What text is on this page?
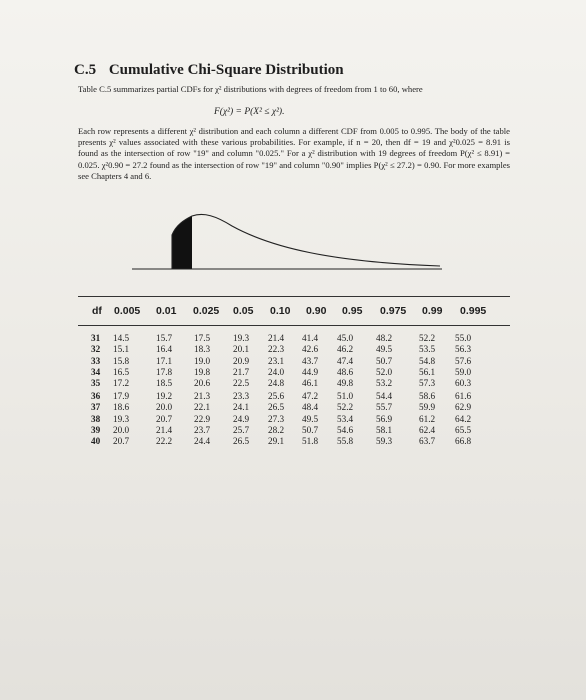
C.5 Cumulative Chi-Square Distribution
Table C.5 summarizes partial CDFs for χ² distributions with degrees of freedom from 1 to 60, where
F(χ²) = P(X² ≤ χ²).
Each row represents a different χ² distribution and each column a different CDF from 0.005 to 0.995. The body of the table presents χ² values associated with these various probabilities. For example, if n = 20, then df = 19 and χ²0.025 = 8.91 is found as the intersection of row "19" and column "0.025." For a χ² distribution with 19 degrees of freedom P(χ² ≤ 8.91) = 0.025. χ²0.90 = 27.2 found as the intersection of row "19" and column "0.90" implies P(χ² ≤ 27.2) = 0.90. For more examples see Chapters 4 and 6.
df 0.005 0.01 0.025 0.05 0.10 0.90 0.95 0.975 0.99 0.995
31 14.5	15.7 17.5 19.3 21.4 41.4 45.0 48.2	52.2 55.0
32 15.1	16.4 18.3 20.1 22.3 42.6 46.2 49.5	53.5 56.3
33 15.8	17.1 19.0 20.9 23.1 43.7 47.4 50.7	54.8 57.6
34 16.5	17.8 19.8 21.7 24.0 44.9 48.6 52.0	56.1 59.0
35 17.2	18.5 20.6 22.5 24.8 46.1 49.8 53.2	57.3 60.3
36 17.9	19.2 21.3 23.3 25.6 47.2 51.0 54.4	58.6 61.6
37 18.6	20.0 22.1 24.1 26.5 48.4 52.2 55.7	59.9 62.9
38 19.3	20.7 22.9 24.9 27.3 49.5 53.4 56.9	61.2 64.2
39 20.0	21.4 23.7 25.7 28.2 50.7 54.6 58.1	62.4 65.5
40 20.7	22.2 24.4 26.5 29.1 51.8 55.8 59.3	63.7 66.8
